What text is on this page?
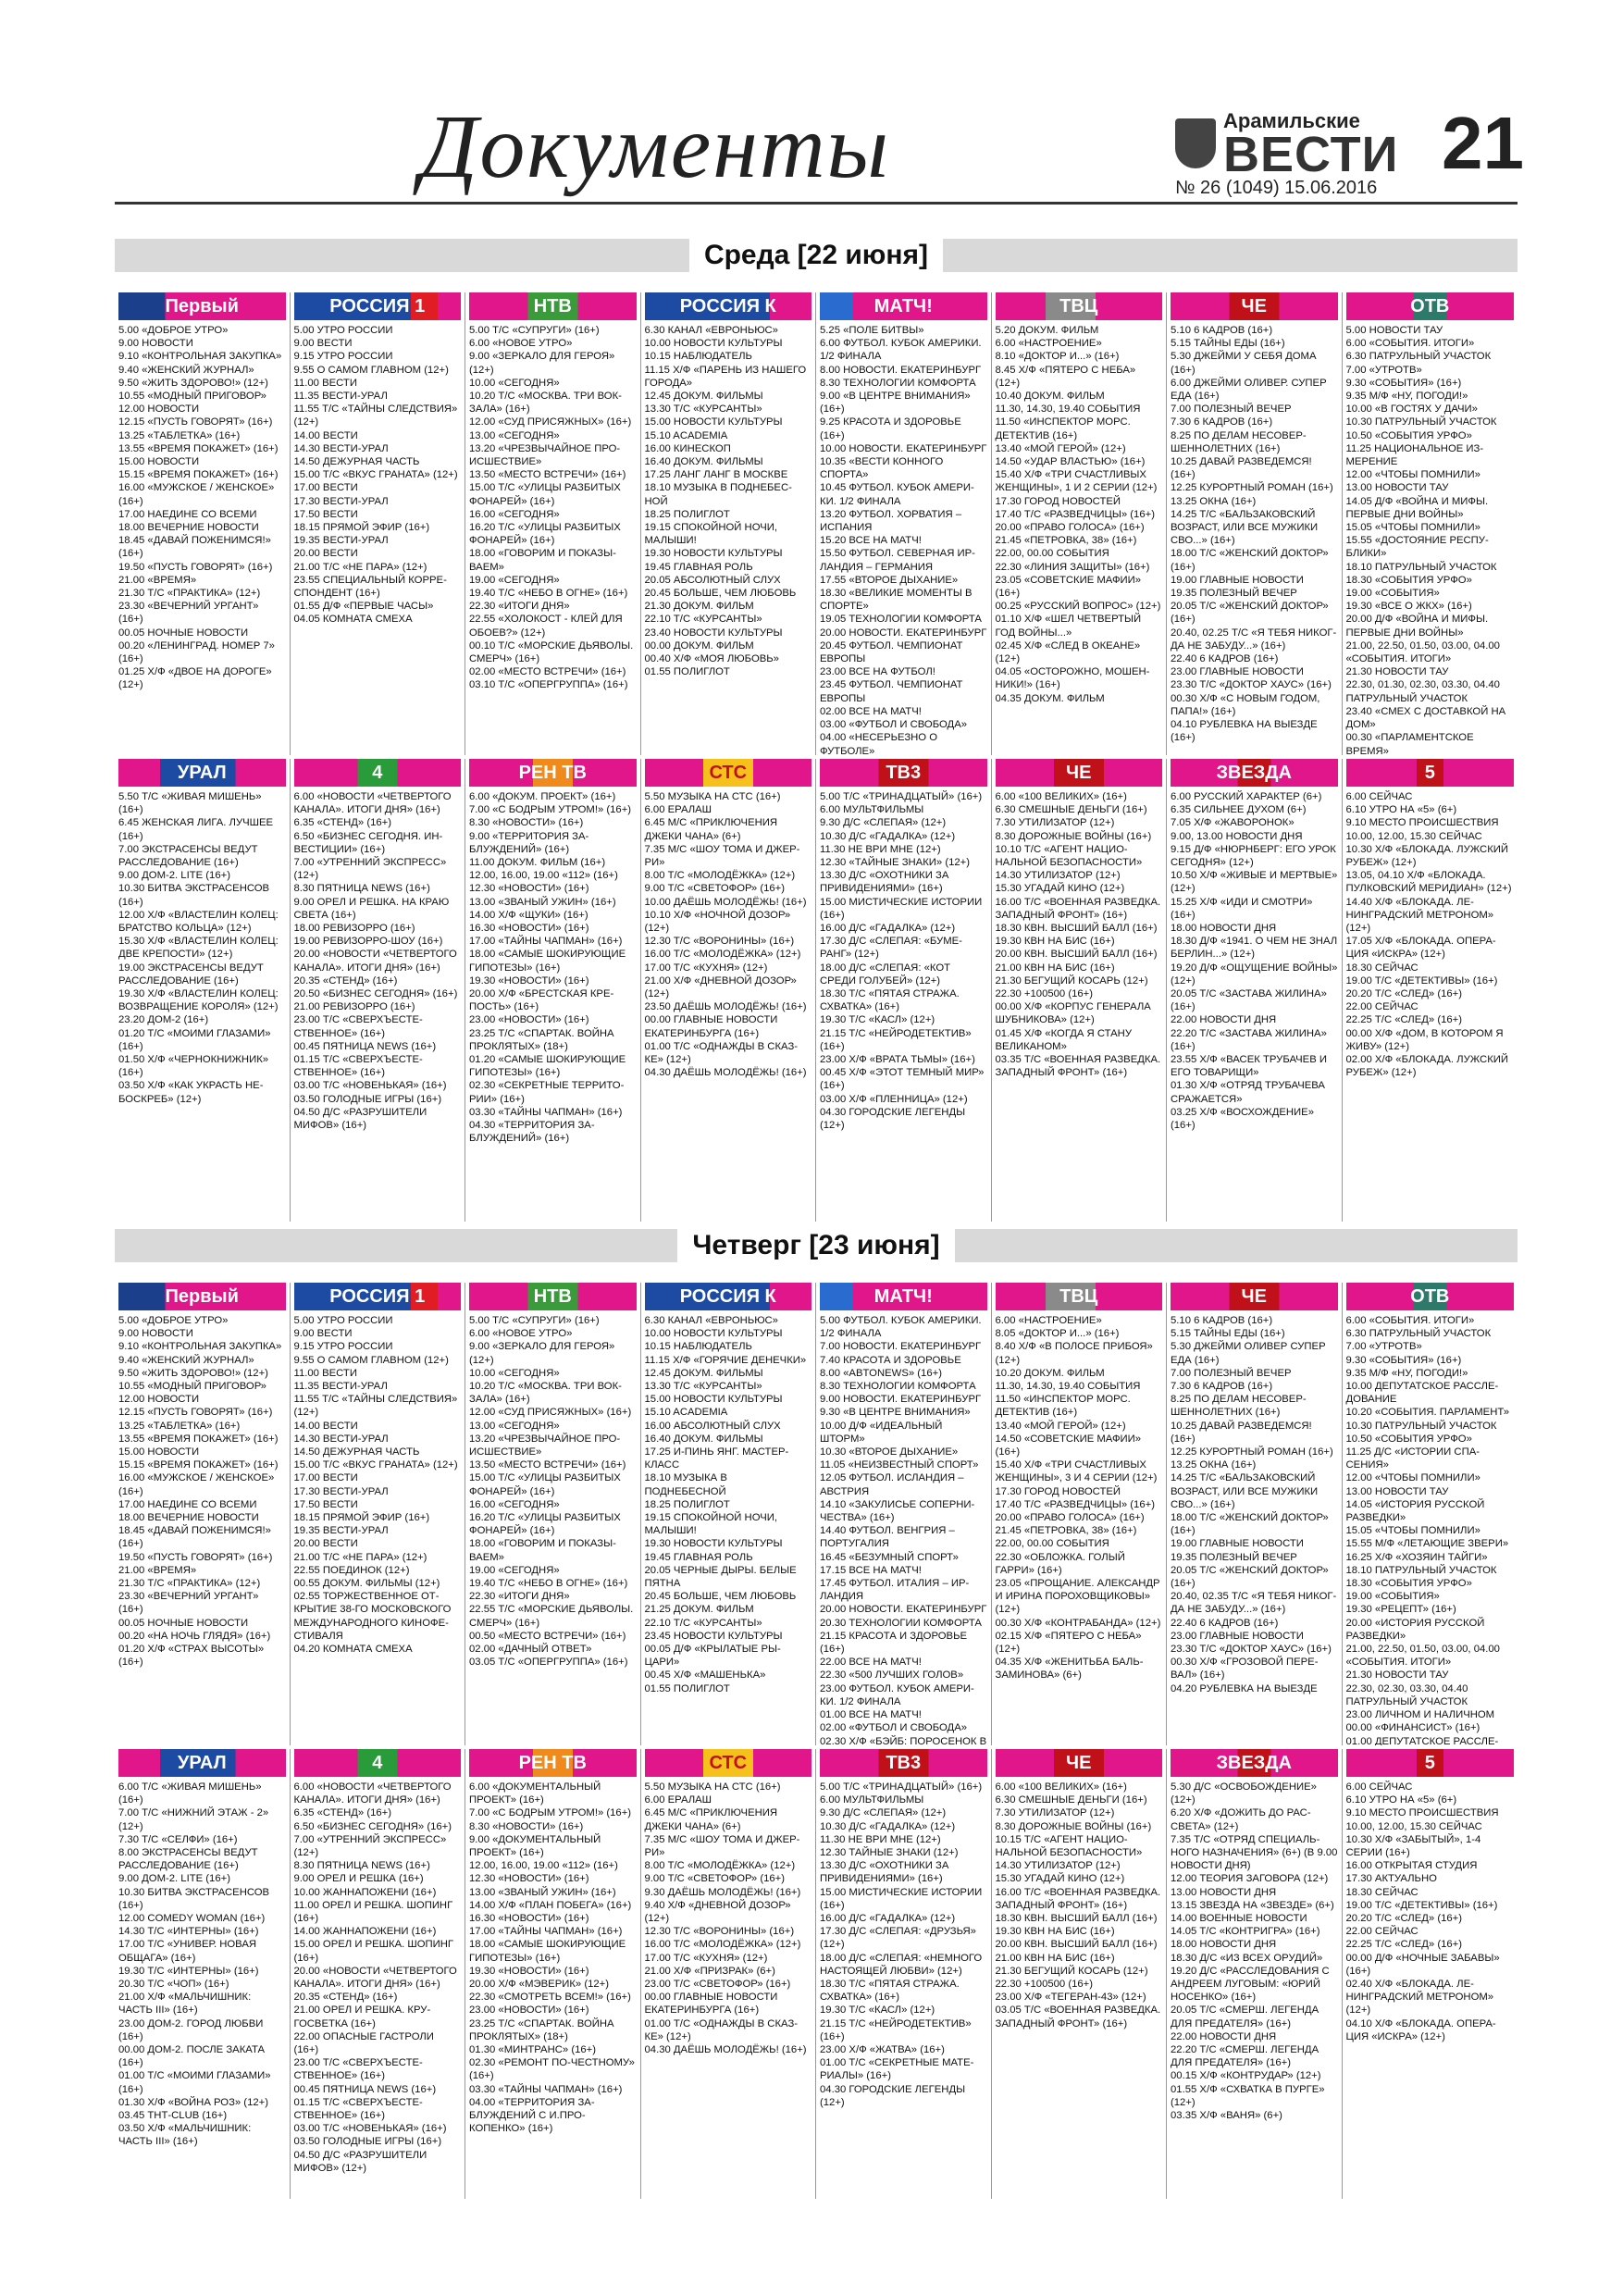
Документы	Арамильские
ВЕСТИ 21
№ 26 (1049) 15.06.2016
Среда [22 июня]
Первый

5.00 «ДОБРОЕ УТРО»

9.00 НОВОСТИ

9.10 «КОНТРОЛЬНАЯ ЗАКУПКА»

9.40 «ЖЕНСКИЙ ЖУРНАЛ»

9.50 «ЖИТЬ ЗДОРОВО!» (12+)

10.55 «МОДНЫЙ ПРИГОВОР»

12.00 НОВОСТИ

12.15 «ПУСТЬ ГОВОРЯТ» (16+)

13.25 «ТАБЛЕТКА» (16+)

13.55 «ВРЕМЯ ПОКАЖЕТ» (16+)

15.00 НОВОСТИ

15.15 «ВРЕМЯ ПОКАЖЕТ» (16+)

16.00 «МУЖСКОЕ / ЖЕНСКОЕ» (16+)

17.00 НАЕДИНЕ СО ВСЕМИ

18.00 ВЕЧЕРНИЕ НОВОСТИ

18.45 «ДАВАЙ ПОЖЕНИМСЯ!» (16+)

19.50 «ПУСТЬ ГОВОРЯТ» (16+)

21.00 «ВРЕМЯ»

21.30 Т/С «ПРАКТИКА» (12+)

23.30 «ВЕЧЕРНИЙ УРГАНТ» (16+)

00.05 НОЧНЫЕ НОВОСТИ

00.20 «ЛЕНИНГРАД. НОМЕР 7» (16+)

01.25 Х/Ф «ДВОЕ НА ДОРОГЕ» (12+)

РОССИЯ 1

5.00 УТРО РОССИИ

9.00 ВЕСТИ

9.15 УТРО РОССИИ

9.55 О САМОМ ГЛАВНОМ (12+)

11.00 ВЕСТИ

11.35 ВЕСТИ-УРАЛ

11.55 Т/С «ТАЙНЫ СЛЕДСТВИЯ» (12+)

14.00 ВЕСТИ

14.30 ВЕСТИ-УРАЛ

14.50 ДЕЖУРНАЯ ЧАСТЬ

15.00 Т/С «ВКУС ГРАНАТА» (12+)

17.00 ВЕСТИ

17.30 ВЕСТИ-УРАЛ

17.50 ВЕСТИ

18.15 ПРЯМОЙ ЭФИР (16+)

19.35 ВЕСТИ-УРАЛ

20.00 ВЕСТИ

21.00 Т/С «НЕ ПАРА» (12+)

23.55 СПЕЦИАЛЬНЫЙ КОРРЕСПОНДЕНТ (16+)

01.55 Д/Ф «ПЕРВЫЕ ЧАСЫ»

04.05 КОМНАТА СМЕХА

НТВ

5.00 Т/С «СУПРУГИ» (16+)

6.00 «НОВОЕ УТРО»

9.00 «ЗЕРКАЛО ДЛЯ ГЕРОЯ» (12+)

10.00 «СЕГОДНЯ»

10.20 Т/С «МОСКВА. ТРИ ВОКЗАЛА» (16+)

12.00 «СУД ПРИСЯЖНЫХ» (16+)

13.00 «СЕГОДНЯ»

13.20 «ЧРЕЗВЫЧАЙНОЕ ПРОИСШЕСТВИЕ»

13.50 «МЕСТО ВСТРЕЧИ» (16+)

15.00 Т/С «УЛИЦЫ РАЗБИТЫХ ФОНАРЕЙ» (16+)

16.00 «СЕГОДНЯ»

16.20 Т/С «УЛИЦЫ РАЗБИТЫХ ФОНАРЕЙ» (16+)

18.00 «ГОВОРИМ И ПОКАЗЫВАЕМ»

19.00 «СЕГОДНЯ»

19.40 Т/С «НЕБО В ОГНЕ» (16+)

22.30 «ИТОГИ ДНЯ»

22.55 «ХОЛОКОСТ - КЛЕЙ ДЛЯ ОБОЕВ?» (12+)

00.10 Т/С «МОРСКИЕ ДЬЯВОЛЫ. СМЕРЧ» (16+)

02.00 «МЕСТО ВСТРЕЧИ» (16+)

03.10 Т/С «ОПЕРГРУППА» (16+)

РОССИЯ К

6.30 КАНАЛ «ЕВРОНЬЮС»

10.00 НОВОСТИ КУЛЬТУРЫ

10.15 НАБЛЮДАТЕЛЬ

11.15 Х/Ф «ПАРЕНЬ ИЗ НАШЕГО ГОРОДА»

12.45 ДОКУМ. ФИЛЬМЫ

13.30 Т/С «КУРСАНТЫ»

15.00 НОВОСТИ КУЛЬТУРЫ

15.10 ACADEMIA

16.00 КИНЕСКОП

16.40 ДОКУМ. ФИЛЬМЫ

17.25 ЛАНГ ЛАНГ В МОСКВЕ

18.10 МУЗЫКА В ПОДНЕБЕСНОЙ

18.25 ПОЛИГЛОТ

19.15 СПОКОЙНОЙ НОЧИ, МАЛЫШИ!

19.30 НОВОСТИ КУЛЬТУРЫ

19.45 ГЛАВНАЯ РОЛЬ

20.05 АБСОЛЮТНЫЙ СЛУХ

20.45 БОЛЬШЕ, ЧЕМ ЛЮБОВЬ

21.30 ДОКУМ. ФИЛЬМ

22.10 Т/С «КУРСАНТЫ»

23.40 НОВОСТИ КУЛЬТУРЫ

00.00 ДОКУМ. ФИЛЬМ

00.40 Х/Ф «МОЯ ЛЮБОВЬ»

01.55 ПОЛИГЛОТ

МАТЧ!

5.25 «ПОЛЕ БИТВЫ»

6.00 ФУТБОЛ. КУБОК АМЕРИКИ. 1/2 ФИНАЛА

8.00 НОВОСТИ. ЕКАТЕРИНБУРГ

8.30 ТЕХНОЛОГИИ КОМФОРТА

9.00 «В ЦЕНТРЕ ВНИМАНИЯ» (16+)

9.25 КРАСОТА И ЗДОРОВЬЕ (16+)

10.00 НОВОСТИ. ЕКАТЕРИНБУРГ

10.35 «ВЕСТИ КОННОГО СПОРТА»

10.45 ФУТБОЛ. КУБОК АМЕРИКИ. 1/2 ФИНАЛА

13.20 ФУТБОЛ. ХОРВАТИЯ – ИСПАНИЯ

15.20 ВСЕ НА МАТЧ!

15.50 ФУТБОЛ. СЕВЕРНАЯ ИРЛАНДИЯ – ГЕРМАНИЯ

17.55 «ВТОРОЕ ДЫХАНИЕ»

18.30 «ВЕЛИКИЕ МОМЕНТЫ В СПОРТЕ»

19.05 ТЕХНОЛОГИИ КОМФОРТА

20.00 НОВОСТИ. ЕКАТЕРИНБУРГ

20.45 ФУТБОЛ. ЧЕМПИОНАТ ЕВРОПЫ

23.00 ВСЕ НА ФУТБОЛ!

23.45 ФУТБОЛ. ЧЕМПИОНАТ ЕВРОПЫ

02.00 ВСЕ НА МАТЧ!

03.00 «ФУТБОЛ И СВОБОДА»

04.00 «НЕСЕРЬЕЗНО О ФУТБОЛЕ»

ТВЦ

5.20 ДОКУМ. ФИЛЬМ

6.00 «НАСТРОЕНИЕ»

8.10 «ДОКТОР И...» (16+)

8.45 Х/Ф «ПЯТЕРО С НЕБА» (12+)

10.40 ДОКУМ. ФИЛЬМ

11.30, 14.30, 19.40 СОБЫТИЯ

11.50 «ИНСПЕКТОР МОРС. ДЕТЕКТИВ (16+)

13.40 «МОЙ ГЕРОЙ» (12+)

14.50 «УДАР ВЛАСТЬЮ» (16+)

15.40 Х/Ф «ТРИ СЧАСТЛИВЫХ ЖЕНЩИНЫ», 1 И 2 СЕРИИ (12+)

17.30 ГОРОД НОВОСТЕЙ

17.40 Т/С «РАЗВЕДЧИЦЫ» (16+)

20.00 «ПРАВО ГОЛОСА» (16+)

21.45 «ПЕТРОВКА, 38» (16+)

22.00, 00.00 СОБЫТИЯ

22.30 «ЛИНИЯ ЗАЩИТЫ» (16+)

23.05 «СОВЕТСКИЕ МАФИИ» (16+)

00.25 «РУССКИЙ ВОПРОС» (12+)

01.10 Х/Ф «ШЕЛ ЧЕТВЕРТЫЙ ГОД ВОЙНЫ...»

02.45 Х/Ф «СЛЕД В ОКЕАНЕ» (12+)

04.05 «ОСТОРОЖНО, МОШЕННИКИ!» (16+)

04.35 ДОКУМ. ФИЛЬМ

ЧЕ

5.10 6 КАДРОВ (16+)

5.15 ТАЙНЫ ЕДЫ (16+)

5.30 ДЖЕЙМИ У СЕБЯ ДОМА (16+)

6.00 ДЖЕЙМИ ОЛИВЕР. СУПЕР ЕДА (16+)

7.00 ПОЛЕЗНЫЙ ВЕЧЕР

7.30 6 КАДРОВ (16+)

8.25 ПО ДЕЛАМ НЕСОВЕРШЕННОЛЕТНИХ (16+)

10.25 ДАВАЙ РАЗВЕДЕМСЯ! (16+)

12.25 КУРОРТНЫЙ РОМАН (16+)

13.25 ОКНА (16+)

14.25 Т/С «БАЛЬЗАКОВСКИЙ ВОЗРАСТ, ИЛИ ВСЕ МУЖИКИ СВО...» (16+)

18.00 Т/С «ЖЕНСКИЙ ДОКТОР» (16+)

19.00 ГЛАВНЫЕ НОВОСТИ

19.35 ПОЛЕЗНЫЙ ВЕЧЕР

20.05 Т/С «ЖЕНСКИЙ ДОКТОР» (16+)

20.40, 02.25 Т/С «Я ТЕБЯ НИКОГДА НЕ ЗАБУДУ...» (16+)

22.40 6 КАДРОВ (16+)

23.00 ГЛАВНЫЕ НОВОСТИ

23.30 Т/С «ДОКТОР ХАУС» (16+)

00.30 Х/Ф «С НОВЫМ ГОДОМ, ПАПА!» (16+)

04.10 РУБЛЕВКА НА ВЫЕЗДЕ (16+)

ОТВ

5.00 НОВОСТИ ТАУ

6.00 «СОБЫТИЯ. ИТОГИ»

6.30 ПАТРУЛЬНЫЙ УЧАСТОК

7.00 «УТРОТВ»

9.30 «СОБЫТИЯ» (16+)

9.35 М/Ф «НУ, ПОГОДИ!»

10.00 «В ГОСТЯХ У ДАЧИ»

10.30 ПАТРУЛЬНЫЙ УЧАСТОК

10.50 «СОБЫТИЯ УРФО»

11.25 НАЦИОНАЛЬНОЕ ИЗМЕРЕНИЕ

12.00 «ЧТОБЫ ПОМНИЛИ»

13.00 НОВОСТИ ТАУ

14.05 Д/Ф «ВОЙНА И МИФЫ. ПЕРВЫЕ ДНИ ВОЙНЫ»

15.05 «ЧТОБЫ ПОМНИЛИ»

15.55 «ДОСТОЯНИЕ РЕСПУБЛИКИ»

18.10 ПАТРУЛЬНЫЙ УЧАСТОК

18.30 «СОБЫТИЯ УРФО»

19.00 «СОБЫТИЯ»

19.30 «ВСЕ О ЖКХ» (16+)

20.00 Д/Ф «ВОЙНА И МИФЫ. ПЕРВЫЕ ДНИ ВОЙНЫ»

21.00, 22.50, 01.50, 03.00, 04.00 «СОБЫТИЯ. ИТОГИ»

21.30 НОВОСТИ ТАУ

22.30, 01.30, 02.30, 03.30, 04.40 ПАТРУЛЬНЫЙ УЧАСТОК

23.40 «СМЕХ С ДОСТАВКОЙ НА ДОМ»

00.30 «ПАРЛАМЕНТСКОЕ ВРЕМЯ»

УРАЛ

5.50 Т/С «ЖИВАЯ МИШЕНЬ» (16+)

6.45 ЖЕНСКАЯ ЛИГА. ЛУЧШЕЕ (16+)

7.00 ЭКСТРАСЕНСЫ ВЕДУТ РАССЛЕДОВАНИЕ (16+)

9.00 ДОМ-2. LITE (16+)

10.30 БИТВА ЭКСТРАСЕНСОВ (16+)

12.00 Х/Ф «ВЛАСТЕЛИН КОЛЕЦ: БРАТСТВО КОЛЬЦА» (12+)

15.30 Х/Ф «ВЛАСТЕЛИН КОЛЕЦ: ДВЕ КРЕПОСТИ» (12+)

19.00 ЭКСТРАСЕНСЫ ВЕДУТ РАССЛЕДОВАНИЕ (16+)

19.30 Х/Ф «ВЛАСТЕЛИН КОЛЕЦ: ВОЗВРАЩЕНИЕ КОРОЛЯ» (12+)

23.20 ДОМ-2 (16+)

01.20 Т/С «МОИМИ ГЛАЗАМИ» (16+)

01.50 Х/Ф «ЧЕРНОКНИЖНИК» (16+)

03.50 Х/Ф «КАК УКРАСТЬ НЕБОСКРЕБ» (12+)

4

6.00 «НОВОСТИ «ЧЕТВЕРТОГО КАНАЛА». ИТОГИ ДНЯ» (16+)

6.35 «СТЕНД» (16+)

6.50 «БИЗНЕС СЕГОДНЯ. ИНВЕСТИЦИИ» (16+)

7.00 «УТРЕННИЙ ЭКСПРЕСС» (12+)

8.30 ПЯТНИЦА NEWS (16+)

9.00 ОРЕЛ И РЕШКА. НА КРАЮ СВЕТА (16+)

18.00 РЕВИЗОРРО (16+)

19.00 РЕВИЗОРРО-ШОУ (16+)

20.00 «НОВОСТИ «ЧЕТВЕРТОГО КАНАЛА». ИТОГИ ДНЯ» (16+)

20.35 «СТЕНД» (16+)

20.50 «БИЗНЕС СЕГОДНЯ» (16+)

21.00 РЕВИЗОРРО (16+)

23.00 Т/С «СВЕРХЪЕСТЕСТВЕННОЕ» (16+)

00.45 ПЯТНИЦА NEWS (16+)

01.15 Т/С «СВЕРХЪЕСТЕСТВЕННОЕ» (16+)

03.00 Т/С «НОВЕНЬКАЯ» (16+)

03.50 ГОЛОДНЫЕ ИГРЫ (16+)

04.50 Д/С «РАЗРУШИТЕЛИ МИФОВ» (16+)

РЕН ТВ

6.00 «ДОКУМ. ПРОЕКТ» (16+)

7.00 «С БОДРЫМ УТРОМ!» (16+)

8.30 «НОВОСТИ» (16+)

9.00 «ТЕРРИТОРИЯ ЗАБЛУЖДЕНИЙ» (16+)

11.00 ДОКУМ. ФИЛЬМ (16+)

12.00, 16.00, 19.00 «112» (16+)

12.30 «НОВОСТИ» (16+)

13.00 «ЗВАНЫЙ УЖИН» (16+)

14.00 Х/Ф «ЩУКИ» (16+)

16.30 «НОВОСТИ» (16+)

17.00 «ТАЙНЫ ЧАПМАН» (16+)

18.00 «САМЫЕ ШОКИРУЮЩИЕ ГИПОТЕЗЫ» (16+)

19.30 «НОВОСТИ» (16+)

20.00 Х/Ф «БРЕСТСКАЯ КРЕПОСТЬ» (16+)

23.00 «НОВОСТИ» (16+)

23.25 Т/С «СПАРТАК. ВОЙНА ПРОКЛЯТЫХ» (18+)

01.20 «САМЫЕ ШОКИРУЮЩИЕ ГИПОТЕЗЫ» (16+)

02.30 «СЕКРЕТНЫЕ ТЕРРИТОРИИ» (16+)

03.30 «ТАЙНЫ ЧАПМАН» (16+)

04.30 «ТЕРРИТОРИЯ ЗАБЛУЖДЕНИЙ» (16+)

СТС

5.50 МУЗЫКА НА СТС (16+)

6.00 ЕРАЛАШ

6.45 М/С «ПРИКЛЮЧЕНИЯ ДЖЕКИ ЧАНА» (6+)

7.35 М/С «ШОУ ТОМА И ДЖЕРРИ»

8.00 Т/С «МОЛОДЁЖКА» (12+)

9.00 Т/С «СВЕТОФОР» (16+)

10.00 ДАЁШЬ МОЛОДЁЖЬ! (16+)

10.10 Х/Ф «НОЧНОЙ ДОЗОР» (12+)

12.30 Т/С «ВОРОНИНЫ» (16+)

16.00 Т/С «МОЛОДЁЖКА» (12+)

17.00 Т/С «КУХНЯ» (12+)

21.00 Х/Ф «ДНЕВНОЙ ДОЗОР» (12+)

23.50 ДАЁШЬ МОЛОДЁЖЬ! (16+)

00.00 ГЛАВНЫЕ НОВОСТИ ЕКАТЕРИНБУРГА (16+)

01.00 Т/С «ОДНАЖДЫ В СКАЗКЕ» (12+)

04.30 ДАЁШЬ МОЛОДЁЖЬ! (16+)

ТВ3

5.00 Т/С «ТРИНАДЦАТЫЙ» (16+)

6.00 МУЛЬТФИЛЬМЫ

9.30 Д/С «СЛЕПАЯ» (12+)

10.30 Д/С «ГАДАЛКА» (12+)

11.30 НЕ ВРИ МНЕ (12+)

12.30 «ТАЙНЫЕ ЗНАКИ» (12+)

13.30 Д/С «ОХОТНИКИ ЗА ПРИВИДЕНИЯМИ» (16+)

15.00 МИСТИЧЕСКИЕ ИСТОРИИ (16+)

16.00 Д/С «ГАДАЛКА» (12+)

17.30 Д/С «СЛЕПАЯ: «БУМЕРАНГ» (12+)

18.00 Д/С «СЛЕПАЯ: «КОТ СРЕДИ ГОЛУБЕЙ» (12+)

18.30 Т/С «ПЯТАЯ СТРАЖА. СХВАТКА» (16+)

19.30 Т/С «КАСЛ» (12+)

21.15 Т/С «НЕЙРОДЕТЕКТИВ» (16+)

23.00 Х/Ф «ВРАТА ТЬМЫ» (16+)

00.45 Х/Ф «ЭТОТ ТЕМНЫЙ МИР» (16+)

03.00 Х/Ф «ПЛЕННИЦА» (12+)

04.30 ГОРОДСКИЕ ЛЕГЕНДЫ (12+)

ЧЕ

6.00 «100 ВЕЛИКИХ» (16+)

6.30 СМЕШНЫЕ ДЕНЬГИ (16+)

7.30 УТИЛИЗАТОР (12+)

8.30 ДОРОЖНЫЕ ВОЙНЫ (16+)

10.10 Т/С «АГЕНТ НАЦИОНАЛЬНОЙ БЕЗОПАСНОСТИ»

14.30 УТИЛИЗАТОР (12+)

15.30 УГАДАЙ КИНО (12+)

16.00 Т/С «ВОЕННАЯ РАЗВЕДКА. ЗАПАДНЫЙ ФРОНТ» (16+)

18.30 КВН. ВЫСШИЙ БАЛЛ (16+)

19.30 КВН НА БИС (16+)

20.00 КВН. ВЫСШИЙ БАЛЛ (16+)

21.00 КВН НА БИС (16+)

21.30 БЕГУЩИЙ КОСАРЬ (12+)

22.30 +100500 (16+)

00.00 Х/Ф «КОРПУС ГЕНЕРАЛА ШУБНИКОВА» (12+)

01.45 Х/Ф «КОГДА Я СТАНУ ВЕЛИКАНОМ»

03.35 Т/С «ВОЕННАЯ РАЗВЕДКА. ЗАПАДНЫЙ ФРОНТ» (16+)

ЗВЕЗДА

6.00 РУССКИЙ ХАРАКТЕР (6+)

6.35 СИЛЬНЕЕ ДУХОМ (6+)

7.05 Х/Ф «ЖАВОРОНОК»

9.00, 13.00 НОВОСТИ ДНЯ

9.15 Д/Ф «НЮРНБЕРГ: ЕГО УРОК СЕГОДНЯ» (12+)

10.50 Х/Ф «ЖИВЫЕ И МЕРТВЫЕ» (12+)

15.25 Х/Ф «ИДИ И СМОТРИ» (16+)

18.00 НОВОСТИ ДНЯ

18.30 Д/Ф «1941. О ЧЕМ НЕ ЗНАЛ БЕРЛИН...» (12+)

19.20 Д/Ф «ОЩУЩЕНИЕ ВОЙНЫ» (12+)

20.05 Т/С «ЗАСТАВА ЖИЛИНА» (16+)

22.00 НОВОСТИ ДНЯ

22.20 Т/С «ЗАСТАВА ЖИЛИНА» (16+)

23.55 Х/Ф «ВАСЕК ТРУБАЧЕВ И ЕГО ТОВАРИЩИ»

01.30 Х/Ф «ОТРЯД ТРУБАЧЕВА СРАЖАЕТСЯ»

03.25 Х/Ф «ВОСХОЖДЕНИЕ» (16+)

5

6.00 СЕЙЧАС

6.10 УТРО НА «5» (6+)

9.10 МЕСТО ПРОИСШЕСТВИЯ

10.00, 12.00, 15.30 СЕЙЧАС

10.30 Х/Ф «БЛОКАДА. ЛУЖСКИЙ РУБЕЖ» (12+)

13.05, 04.10 Х/Ф «БЛОКАДА. ПУЛКОВСКИЙ МЕРИДИАН» (12+)

14.40 Х/Ф «БЛОКАДА. ЛЕНИНГРАДСКИЙ МЕТРОНОМ» (12+)

17.05 Х/Ф «БЛОКАДА. ОПЕРАЦИЯ «ИСКРА» (12+)

18.30 СЕЙЧАС

19.00 Т/С «ДЕТЕКТИВЫ» (16+)

20.20 Т/С «СЛЕД» (16+)

22.00 СЕЙЧАС

22.25 Т/С «СЛЕД» (16+)

00.00 Х/Ф «ДОМ, В КОТОРОМ Я ЖИВУ» (12+)

02.00 Х/Ф «БЛОКАДА. ЛУЖСКИЙ РУБЕЖ» (12+)

Четверг [23 июня]
Первый

5.00 «ДОБРОЕ УТРО»

9.00 НОВОСТИ

9.10 «КОНТРОЛЬНАЯ ЗАКУПКА»

9.40 «ЖЕНСКИЙ ЖУРНАЛ»

9.50 «ЖИТЬ ЗДОРОВО!» (12+)

10.55 «МОДНЫЙ ПРИГОВОР»

12.00 НОВОСТИ

12.15 «ПУСТЬ ГОВОРЯТ» (16+)

13.25 «ТАБЛЕТКА» (16+)

13.55 «ВРЕМЯ ПОКАЖЕТ» (16+)

15.00 НОВОСТИ

15.15 «ВРЕМЯ ПОКАЖЕТ» (16+)

16.00 «МУЖСКОЕ / ЖЕНСКОЕ» (16+)

17.00 НАЕДИНЕ СО ВСЕМИ

18.00 ВЕЧЕРНИЕ НОВОСТИ

18.45 «ДАВАЙ ПОЖЕНИМСЯ!» (16+)

19.50 «ПУСТЬ ГОВОРЯТ» (16+)

21.00 «ВРЕМЯ»

21.30 Т/С «ПРАКТИКА» (12+)

23.30 «ВЕЧЕРНИЙ УРГАНТ» (16+)

00.05 НОЧНЫЕ НОВОСТИ

00.20 «НА НОЧЬ ГЛЯДЯ» (16+)

01.20 Х/Ф «СТРАХ ВЫСОТЫ» (16+)

РОССИЯ 1

5.00 УТРО РОССИИ

9.00 ВЕСТИ

9.15 УТРО РОССИИ

9.55 О САМОМ ГЛАВНОМ (12+)

11.00 ВЕСТИ

11.35 ВЕСТИ-УРАЛ

11.55 Т/С «ТАЙНЫ СЛЕДСТВИЯ» (12+)

14.00 ВЕСТИ

14.30 ВЕСТИ-УРАЛ

14.50 ДЕЖУРНАЯ ЧАСТЬ

15.00 Т/С «ВКУС ГРАНАТА» (12+)

17.00 ВЕСТИ

17.30 ВЕСТИ-УРАЛ

17.50 ВЕСТИ

18.15 ПРЯМОЙ ЭФИР (16+)

19.35 ВЕСТИ-УРАЛ

20.00 ВЕСТИ

21.00 Т/С «НЕ ПАРА» (12+)

22.55 ПОЕДИНОК (12+)

00.55 ДОКУМ. ФИЛЬМЫ (12+)

02.55 ТОРЖЕСТВЕННОЕ ОТКРЫТИЕ 38-ГО МОСКОВСКОГО МЕЖДУНАРОДНОГО КИНОФЕСТИВАЛЯ

04.20 КОМНАТА СМЕХА

НТВ

5.00 Т/С «СУПРУГИ» (16+)

6.00 «НОВОЕ УТРО»

9.00 «ЗЕРКАЛО ДЛЯ ГЕРОЯ» (12+)

10.00 «СЕГОДНЯ»

10.20 Т/С «МОСКВА. ТРИ ВОКЗАЛА» (16+)

12.00 «СУД ПРИСЯЖНЫХ» (16+)

13.00 «СЕГОДНЯ»

13.20 «ЧРЕЗВЫЧАЙНОЕ ПРОИСШЕСТВИЕ»

13.50 «МЕСТО ВСТРЕЧИ» (16+)

15.00 Т/С «УЛИЦЫ РАЗБИТЫХ ФОНАРЕЙ» (16+)

16.00 «СЕГОДНЯ»

16.20 Т/С «УЛИЦЫ РАЗБИТЫХ ФОНАРЕЙ» (16+)

18.00 «ГОВОРИМ И ПОКАЗЫВАЕМ»

19.00 «СЕГОДНЯ»

19.40 Т/С «НЕБО В ОГНЕ» (16+)

22.30 «ИТОГИ ДНЯ»

22.55 Т/С «МОРСКИЕ ДЬЯВОЛЫ. СМЕРЧ» (16+)

00.50 «МЕСТО ВСТРЕЧИ» (16+)

02.00 «ДАЧНЫЙ ОТВЕТ»

03.05 Т/С «ОПЕРГРУППА» (16+)

РОССИЯ К

6.30 КАНАЛ «ЕВРОНЬЮС»

10.00 НОВОСТИ КУЛЬТУРЫ

10.15 НАБЛЮДАТЕЛЬ

11.15 Х/Ф «ГОРЯЧИЕ ДЕНЕЧКИ»

12.45 ДОКУМ. ФИЛЬМЫ

13.30 Т/С «КУРСАНТЫ»

15.00 НОВОСТИ КУЛЬТУРЫ

15.10 ACADEMIA

16.00 АБСОЛЮТНЫЙ СЛУХ

16.40 ДОКУМ. ФИЛЬМЫ

17.25 И-ПИНЬ ЯНГ. МАСТЕР-КЛАСС

18.10 МУЗЫКА В ПОДНЕБЕСНОЙ

18.25 ПОЛИГЛОТ

19.15 СПОКОЙНОЙ НОЧИ, МАЛЫШИ!

19.30 НОВОСТИ КУЛЬТУРЫ

19.45 ГЛАВНАЯ РОЛЬ

20.05 ЧЕРНЫЕ ДЫРЫ. БЕЛЫЕ ПЯТНА

20.45 БОЛЬШЕ, ЧЕМ ЛЮБОВЬ

21.25 ДОКУМ. ФИЛЬМ

22.10 Т/С «КУРСАНТЫ»

23.45 НОВОСТИ КУЛЬТУРЫ

00.05 Д/Ф «КРЫЛАТЫЕ РЫЦАРИ»

00.45 Х/Ф «МАШЕНЬКА»

01.55 ПОЛИГЛОТ

МАТЧ!

5.00 ФУТБОЛ. КУБОК АМЕРИКИ. 1/2 ФИНАЛА

7.00 НОВОСТИ. ЕКАТЕРИНБУРГ

7.40 КРАСОТА И ЗДОРОВЬЕ

8.00 «ABTONEWS» (16+)

8.30 ТЕХНОЛОГИИ КОМФОРТА

9.00 НОВОСТИ. ЕКАТЕРИНБУРГ

9.30 «В ЦЕНТРЕ ВНИМАНИЯ»

10.00 Д/Ф «ИДЕАЛЬНЫЙ ШТОРМ»

10.30 «ВТОРОЕ ДЫХАНИЕ»

11.05 «НЕИЗВЕСТНЫЙ СПОРТ»

12.05 ФУТБОЛ. ИСЛАНДИЯ – АВСТРИЯ

14.10 «ЗАКУЛИСЬЕ СОПЕРНИЧЕСТВА» (16+)

14.40 ФУТБОЛ. ВЕНГРИЯ – ПОРТУГАЛИЯ

16.45 «БЕЗУМНЫЙ СПОРТ»

17.15 ВСЕ НА МАТЧ!

17.45 ФУТБОЛ. ИТАЛИЯ – ИРЛАНДИЯ

20.00 НОВОСТИ. ЕКАТЕРИНБУРГ

20.30 ТЕХНОЛОГИИ КОМФОРТА

21.15 КРАСОТА И ЗДОРОВЬЕ (16+)

22.00 ВСЕ НА МАТЧ!

22.30 «500 ЛУЧШИХ ГОЛОВ»

23.00 ФУТБОЛ. КУБОК АМЕРИКИ. 1/2 ФИНАЛА

01.00 ВСЕ НА МАТЧ!

02.00 «ФУТБОЛ И СВОБОДА»

02.30 Х/Ф «БЭЙБ: ПОРОСЕНОК В

ТВЦ

6.00 «НАСТРОЕНИЕ»

8.05 «ДОКТОР И...» (16+)

8.40 Х/Ф «В ПОЛОСЕ ПРИБОЯ» (12+)

10.20 ДОКУМ. ФИЛЬМ

11.30, 14.30, 19.40 СОБЫТИЯ

11.50 «ИНСПЕКТОР МОРС. ДЕТЕКТИВ (16+)

13.40 «МОЙ ГЕРОЙ» (12+)

14.50 «СОВЕТСКИЕ МАФИИ» (16+)

15.40 Х/Ф «ТРИ СЧАСТЛИВЫХ ЖЕНЩИНЫ», 3 И 4 СЕРИИ (12+)

17.30 ГОРОД НОВОСТЕЙ

17.40 Т/С «РАЗВЕДЧИЦЫ» (16+)

20.00 «ПРАВО ГОЛОСА» (16+)

21.45 «ПЕТРОВКА, 38» (16+)

22.00, 00.00 СОБЫТИЯ

22.30 «ОБЛОЖКА. ГОЛЫЙ ГАРРИ» (16+)

23.05 «ПРОЩАНИЕ. АЛЕКСАНДР И ИРИНА ПОРОХОВЩИКОВЫ» (12+)

00.30 Х/Ф «КОНТРАБАНДА» (12+)

02.15 Х/Ф «ПЯТЕРО С НЕБА» (12+)

04.35 Х/Ф «ЖЕНИТЬБА БАЛЬЗАМИНОВА» (6+)

ЧЕ

5.10 6 КАДРОВ (16+)

5.15 ТАЙНЫ ЕДЫ (16+)

5.30 ДЖЕЙМИ ОЛИВЕР СУПЕР ЕДА (16+)

7.00 ПОЛЕЗНЫЙ ВЕЧЕР

7.30 6 КАДРОВ (16+)

8.25 ПО ДЕЛАМ НЕСОВЕРШЕННОЛЕТНИХ (16+)

10.25 ДАВАЙ РАЗВЕДЕМСЯ! (16+)

12.25 КУРОРТНЫЙ РОМАН (16+)

13.25 ОКНА (16+)

14.25 Т/С «БАЛЬЗАКОВСКИЙ ВОЗРАСТ, ИЛИ ВСЕ МУЖИКИ СВО...» (16+)

18.00 Т/С «ЖЕНСКИЙ ДОКТОР» (16+)

19.00 ГЛАВНЫЕ НОВОСТИ

19.35 ПОЛЕЗНЫЙ ВЕЧЕР

20.05 Т/С «ЖЕНСКИЙ ДОКТОР» (16+)

20.40, 02.35 Т/С «Я ТЕБЯ НИКОГДА НЕ ЗАБУДУ...» (16+)

22.40 6 КАДРОВ (16+)

23.00 ГЛАВНЫЕ НОВОСТИ

23.30 Т/С «ДОКТОР ХАУС» (16+)

00.30 Х/Ф «ГРОЗОВОЙ ПЕРЕВАЛ» (16+)

04.20 РУБЛЕВКА НА ВЫЕЗДЕ

ОТВ

6.00 «СОБЫТИЯ. ИТОГИ»

6.30 ПАТРУЛЬНЫЙ УЧАСТОК

7.00 «УТРОТВ»

9.30 «СОБЫТИЯ» (16+)

9.35 М/Ф «НУ, ПОГОДИ!»

10.00 ДЕПУТАТСКОЕ РАССЛЕДОВАНИЕ

10.20 «СОБЫТИЯ. ПАРЛАМЕНТ»

10.30 ПАТРУЛЬНЫЙ УЧАСТОК

10.50 «СОБЫТИЯ УРФО»

11.25 Д/С «ИСТОРИИ СПАСЕНИЯ»

12.00 «ЧТОБЫ ПОМНИЛИ»

13.00 НОВОСТИ ТАУ

14.05 «ИСТОРИЯ РУССКОЙ РАЗВЕДКИ»

15.05 «ЧТОБЫ ПОМНИЛИ»

15.55 М/Ф «ЛЕТАЮЩИЕ ЗВЕРИ»

16.25 Х/Ф «ХОЗЯИН ТАЙГИ»

18.10 ПАТРУЛЬНЫЙ УЧАСТОК

18.30 «СОБЫТИЯ УРФО»

19.00 «СОБЫТИЯ»

19.30 «РЕЦЕПТ» (16+)

20.00 «ИСТОРИЯ РУССКОЙ РАЗВЕДКИ»

21.00, 22.50, 01.50, 03.00, 04.00 «СОБЫТИЯ. ИТОГИ»

21.30 НОВОСТИ ТАУ

22.30, 02.30, 03.30, 04.40 ПАТРУЛЬНЫЙ УЧАСТОК

23.00 ЛИЧНОМ И НАЛИЧНОМ

00.00 «ФИНАНСИСТ» (16+)

01.00 ДЕПУТАТСКОЕ РАССЛЕ

УРАЛ

6.00 Т/С «ЖИВАЯ МИШЕНЬ» (16+)

7.00 Т/С «НИЖНИЙ ЭТАЖ - 2» (12+)

7.30 Т/С «СЕЛФИ» (16+)

8.00 ЭКСТРАСЕНСЫ ВЕДУТ РАССЛЕДОВАНИЕ (16+)

9.00 ДОМ-2. LITE (16+)

10.30 БИТВА ЭКСТРАСЕНСОВ (16+)

12.00 COMEDY WOMAN (16+)

14.30 Т/С «ИНТЕРНЫ» (16+)

17.00 Т/С «УНИВЕР. НОВАЯ ОБЩАГА» (16+)

19.30 Т/С «ИНТЕРНЫ» (16+)

20.30 Т/С «ЧОП» (16+)

21.00 Х/Ф «МАЛЬЧИШНИК: ЧАСТЬ III» (16+)

23.00 ДОМ-2. ГОРОД ЛЮБВИ (16+)

00.00 ДОМ-2. ПОСЛЕ ЗАКАТА (16+)

01.00 Т/С «МОИМИ ГЛАЗАМИ» (16+)

01.30 Х/Ф «ВОЙНА РОЗ» (12+)

03.45 ТНТ-CLUB (16+)

03.50 Х/Ф «МАЛЬЧИШНИК: ЧАСТЬ III» (16+)

4

6.00 «НОВОСТИ «ЧЕТВЕРТОГО КАНАЛА». ИТОГИ ДНЯ» (16+)

6.35 «СТЕНД» (16+)

6.50 «БИЗНЕС СЕГОДНЯ» (16+)

7.00 «УТРЕННИЙ ЭКСПРЕСС» (12+)

8.30 ПЯТНИЦА NEWS (16+)

9.00 ОРЕЛ И РЕШКА (16+)

10.00 ЖАННАПОЖЕНИ (16+)

11.00 ОРЕЛ И РЕШКА. ШОПИНГ (16+)

14.00 ЖАННАПОЖЕНИ (16+)

15.00 ОРЕЛ И РЕШКА. ШОПИНГ (16+)

20.00 «НОВОСТИ «ЧЕТВЕРТОГО КАНАЛА». ИТОГИ ДНЯ» (16+)

20.35 «СТЕНД» (16+)

21.00 ОРЕЛ И РЕШКА. КРУГОСВЕТКА (16+)

22.00 ОПАСНЫЕ ГАСТРОЛИ (16+)

23.00 Т/С «СВЕРХЪЕСТЕСТВЕННОЕ» (16+)

00.45 ПЯТНИЦА NEWS (16+)

01.15 Т/С «СВЕРХЪЕСТЕСТВЕННОЕ» (16+)

03.00 Т/С «НОВЕНЬКАЯ» (16+)

03.50 ГОЛОДНЫЕ ИГРЫ (16+)

04.50 Д/С «РАЗРУШИТЕЛИ МИФОВ» (12+)

РЕН ТВ

6.00 «ДОКУМЕНТАЛЬНЫЙ ПРОЕКТ» (16+)

7.00 «С БОДРЫМ УТРОМ!» (16+)

8.30 «НОВОСТИ» (16+)

9.00 «ДОКУМЕНТАЛЬНЫЙ ПРОЕКТ» (16+)

12.00, 16.00, 19.00 «112» (16+)

12.30 «НОВОСТИ» (16+)

13.00 «ЗВАНЫЙ УЖИН» (16+)

14.00 Х/Ф «ПЛАН ПОБЕГА» (16+)

16.30 «НОВОСТИ» (16+)

17.00 «ТАЙНЫ ЧАПМАН» (16+)

18.00 «САМЫЕ ШОКИРУЮЩИЕ ГИПОТЕЗЫ» (16+)

19.30 «НОВОСТИ» (16+)

20.00 Х/Ф «МЭВЕРИК» (12+)

22.30 «СМОТРЕТЬ ВСЕМ!» (16+)

23.00 «НОВОСТИ» (16+)

23.25 Т/С «СПАРТАК. ВОЙНА ПРОКЛЯТЫХ» (18+)

01.30 «МИНТРАНС» (16+)

02.30 «РЕМОНТ ПО-ЧЕСТНОМУ» (16+)

03.30 «ТАЙНЫ ЧАПМАН» (16+)

04.00 «ТЕРРИТОРИЯ ЗАБЛУЖДЕНИЙ С И.ПРОКОПЕНКО» (16+)

СТС

5.50 МУЗЫКА НА СТС (16+)

6.00 ЕРАЛАШ

6.45 М/С «ПРИКЛЮЧЕНИЯ ДЖЕКИ ЧАНА» (6+)

7.35 М/С «ШОУ ТОМА И ДЖЕРРИ»

8.00 Т/С «МОЛОДЁЖКА» (12+)

9.00 Т/С «СВЕТОФОР» (16+)

9.30 ДАЁШЬ МОЛОДЁЖЬ! (16+)

9.40 Х/Ф «ДНЕВНОЙ ДОЗОР» (12+)

12.30 Т/С «ВОРОНИНЫ» (16+)

16.00 Т/С «МОЛОДЁЖКА» (12+)

17.00 Т/С «КУХНЯ» (12+)

21.00 Х/Ф «ПРИЗРАК» (6+)

23.00 Т/С «СВЕТОФОР» (16+)

00.00 ГЛАВНЫЕ НОВОСТИ ЕКАТЕРИНБУРГА (16+)

01.00 Т/С «ОДНАЖДЫ В СКАЗКЕ» (12+)

04.30 ДАЁШЬ МОЛОДЁЖЬ! (16+)

ТВ3

5.00 Т/С «ТРИНАДЦАТЫЙ» (16+)

6.00 МУЛЬТФИЛЬМЫ

9.30 Д/С «СЛЕПАЯ» (12+)

10.30 Д/С «ГАДАЛКА» (12+)

11.30 НЕ ВРИ МНЕ (12+)

12.30 ТАЙНЫЕ ЗНАКИ (12+)

13.30 Д/С «ОХОТНИКИ ЗА ПРИВИДЕНИЯМИ» (16+)

15.00 МИСТИЧЕСКИЕ ИСТОРИИ (16+)

16.00 Д/С «ГАДАЛКА» (12+)

17.30 Д/С «СЛЕПАЯ: «ДРУЗЬЯ» (12+)

18.00 Д/С «СЛЕПАЯ: «НЕМНОГО НАСТОЯЩЕЙ ЛЮБВИ» (12+)

18.30 Т/С «ПЯТАЯ СТРАЖА. СХВАТКА» (16+)

19.30 Т/С «КАСЛ» (12+)

21.15 Т/С «НЕЙРОДЕТЕКТИВ» (16+)

23.00 Х/Ф «ЖАТВА» (16+)

01.00 Т/С «СЕКРЕТНЫЕ МАТЕРИАЛЫ» (16+)

04.30 ГОРОДСКИЕ ЛЕГЕНДЫ (12+)

ЧЕ

6.00 «100 ВЕЛИКИХ» (16+)

6.30 СМЕШНЫЕ ДЕНЬГИ (16+)

7.30 УТИЛИЗАТОР (12+)

8.30 ДОРОЖНЫЕ ВОЙНЫ (16+)

10.15 Т/С «АГЕНТ НАЦИОНАЛЬНОЙ БЕЗОПАСНОСТИ»

14.30 УТИЛИЗАТОР (12+)

15.30 УГАДАЙ КИНО (12+)

16.00 Т/С «ВОЕННАЯ РАЗВЕДКА. ЗАПАДНЫЙ ФРОНТ» (16+)

18.30 КВН. ВЫСШИЙ БАЛЛ (16+)

19.30 КВН НА БИС (16+)

20.00 КВН. ВЫСШИЙ БАЛЛ (16+)

21.00 КВН НА БИС (16+)

21.30 БЕГУЩИЙ КОСАРЬ (12+)

22.30 +100500 (16+)

23.00 Х/Ф «ТЕГЕРАН-43» (12+)

03.05 Т/С «ВОЕННАЯ РАЗВЕДКА. ЗАПАДНЫЙ ФРОНТ» (16+)

ЗВЕЗДА

5.30 Д/С «ОСВОБОЖДЕНИЕ» (12+)

6.20 Х/Ф «ДОЖИТЬ ДО РАССВЕТА» (12+)

7.35 Т/С «ОТРЯД СПЕЦИАЛЬНОГО НАЗНАЧЕНИЯ» (6+) (В 9.00 НОВОСТИ ДНЯ)

12.00 ТЕОРИЯ ЗАГОВОРА (12+)

13.00 НОВОСТИ ДНЯ

13.15 ЗВЕЗДА НА «ЗВЕЗДЕ» (6+)

14.00 ВОЕННЫЕ НОВОСТИ

14.05 Т/С «КОНТРИГРА» (16+)

18.00 НОВОСТИ ДНЯ

18.30 Д/С «ИЗ ВСЕХ ОРУДИЙ»

19.20 Д/С «РАССЛЕДОВАНИЯ С АНДРЕЕМ ЛУГОВЫМ: «ЮРИЙ НОСЕНКО» (16+)

20.05 Т/С «СМЕРШ. ЛЕГЕНДА ДЛЯ ПРЕДАТЕЛЯ» (16+)

22.00 НОВОСТИ ДНЯ

22.20 Т/С «СМЕРШ. ЛЕГЕНДА ДЛЯ ПРЕДАТЕЛЯ» (16+)

00.15 Х/Ф «КОНТРУДАР» (12+)

01.55 Х/Ф «СХВАТКА В ПУРГЕ» (12+)

03.35 Х/Ф «ВАНЯ» (6+)

5

6.00 СЕЙЧАС

6.10 УТРО НА «5» (6+)

9.10 МЕСТО ПРОИСШЕСТВИЯ

10.00, 12.00, 15.30 СЕЙЧАС

10.30 Х/Ф «ЗАБЫТЫЙ», 1-4 СЕРИИ (16+)

16.00 ОТКРЫТАЯ СТУДИЯ

17.30 АКТУАЛЬНО

18.30 СЕЙЧАС

19.00 Т/С «ДЕТЕКТИВЫ» (16+)

20.20 Т/С «СЛЕД» (16+)

22.00 СЕЙЧАС

22.25 Т/С «СЛЕД» (16+)

00.00 Д/Ф «НОЧНЫЕ ЗАБАВЫ» (16+)

02.40 Х/Ф «БЛОКАДА. ЛЕНИНГРАДСКИЙ МЕТРОНОМ» (12+)

04.10 Х/Ф «БЛОКАДА. ОПЕРАЦИЯ «ИСКРА» (12+)
